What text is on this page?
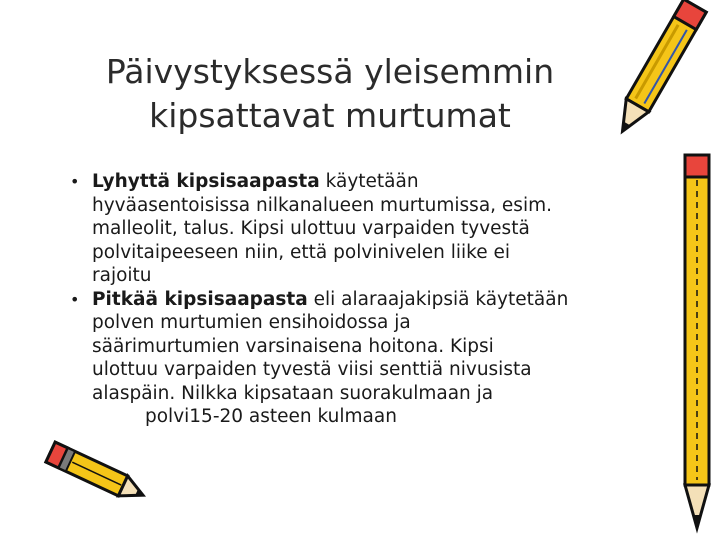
Päivystyksessä yleisemmin
kipsattavat murtumat
• Lyhyttä kipsisaapasta käytetään
hyväasentoisissa nilkanalueen murtumissa, esim.
malleolit, talus. Kipsi ulottuu varpaiden tyvestä
polvitaipeeseen niin, että polvinivelen liike ei
rajoitu
• Pitkää kipsisaapasta eli alaraajakipsiä käytetään
polven murtumien ensihoidossa ja
säärimurtumien varsinaisena hoitona. Kipsi
ulottuu varpaiden tyvestä viisi senttiä nivusista
alaspäin. Nilkka kipsataan suorakulmaan ja
polvi15-20 asteen kulmaan
